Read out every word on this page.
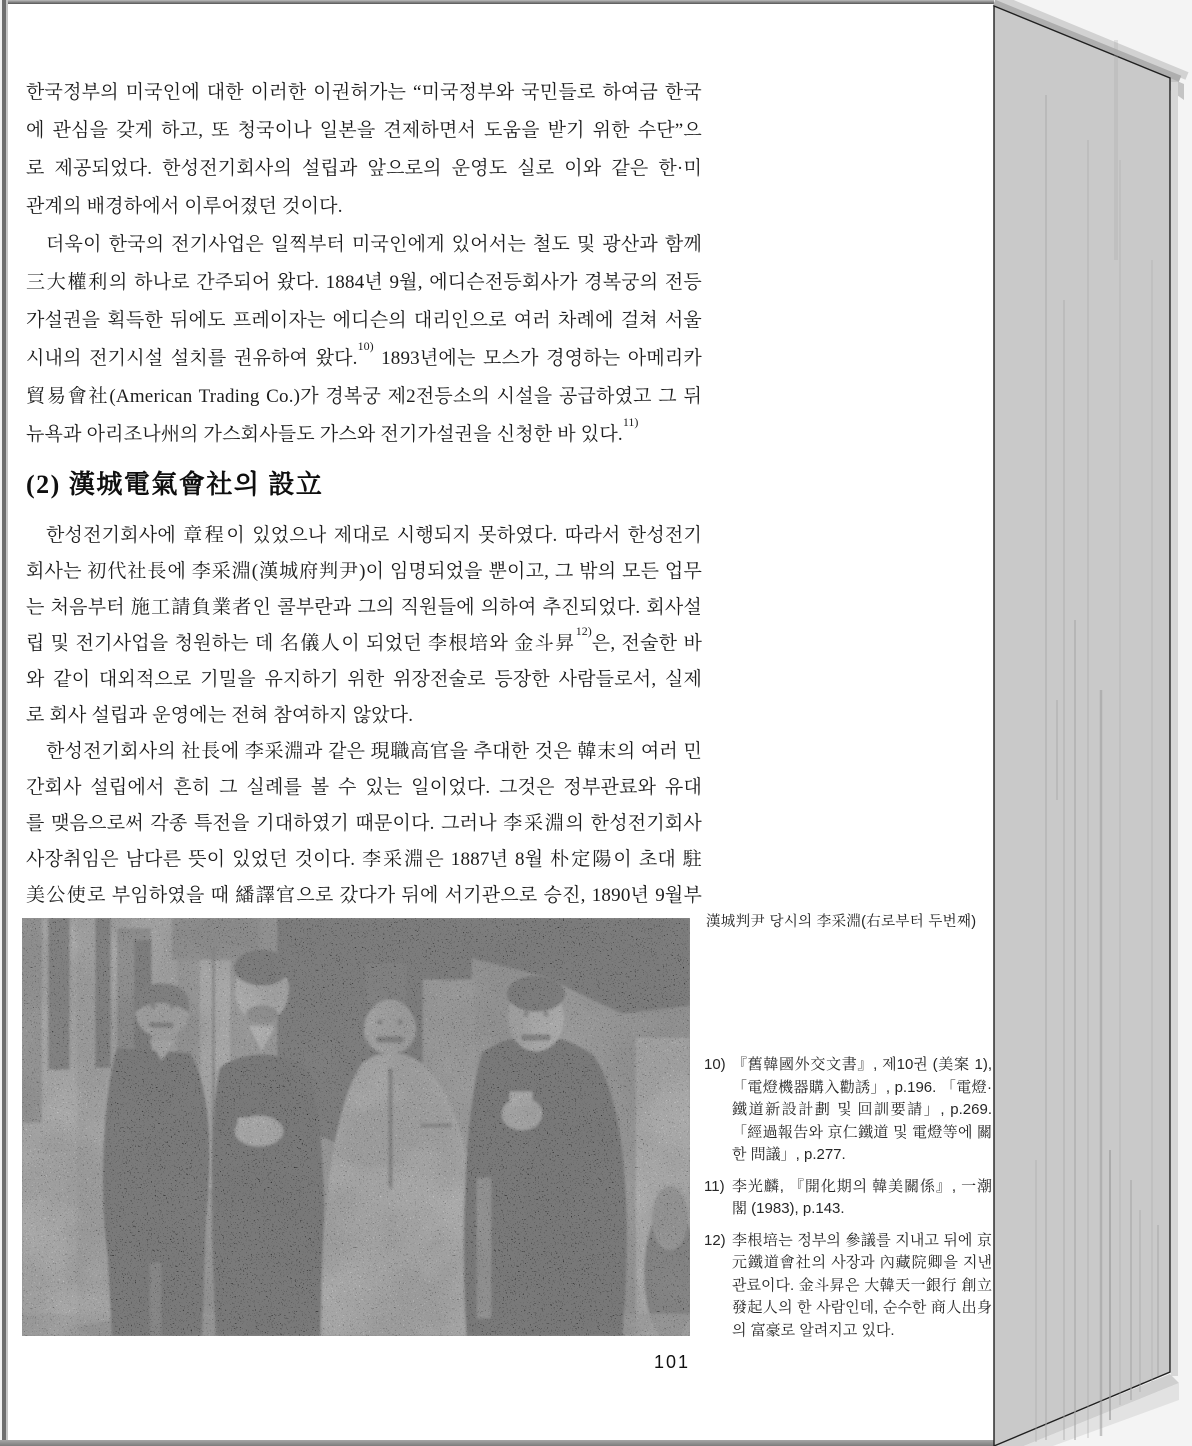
한국정부의 미국인에 대한 이러한 이권허가는 “미국정부와 국민들로 하여금 한국
에 관심을 갖게 하고, 또 청국이나 일본을 견제하면서 도움을 받기 위한 수단”으
로 제공되었다. 한성전기회사의 설립과 앞으로의 운영도 실로 이와 같은 한·미
관계의 배경하에서 이루어졌던 것이다.
더욱이 한국의 전기사업은 일찍부터 미국인에게 있어서는 철도 및 광산과 함께
三大權利의 하나로 간주되어 왔다. 1884년 9월, 에디슨전등회사가 경복궁의 전등
가설권을 획득한 뒤에도 프레이자는 에디슨의 대리인으로 여러 차례에 걸쳐 서울
시내의 전기시설 설치를 권유하여 왔다.$^{10)}$ 1893년에는 모스가 경영하는 아메리카
貿易會社(American Trading Co.)가 경복궁 제2전등소의 시설을 공급하였고 그 뒤
뉴욕과 아리조나州의 가스회사들도 가스와 전기가설권을 신청한 바 있다.$^{11)}$
(2) 漢城電氣會社의 設立
한성전기회사에 章程이 있었으나 제대로 시행되지 못하였다. 따라서 한성전기
회사는 初代社長에 李采淵(漢城府判尹)이 임명되었을 뿐이고, 그 밖의 모든 업무
는 처음부터 施工請負業者인 콜부란과 그의 직원들에 의하여 추진되었다. 회사설
립 및 전기사업을 청원하는 데 名儀人이 되었던 李根培와 金斗昇$^{12)}$은, 전술한 바
와 같이 대외적으로 기밀을 유지하기 위한 위장전술로 등장한 사람들로서, 실제
로 회사 설립과 운영에는 전혀 참여하지 않았다.
한성전기회사의 社長에 李采淵과 같은 現職高官을 추대한 것은 韓末의 여러 민
간회사 설립에서 흔히 그 실례를 볼 수 있는 일이었다. 그것은 정부관료와 유대
를 맺음으로써 각종 특전을 기대하였기 때문이다. 그러나 李采淵의 한성전기회사
사장취임은 남다른 뜻이 있었던 것이다. 李采淵은 1887년 8월 朴定陽이 초대 駐
美公使로 부임하였을 때 繙譯官으로 갔다가 뒤에 서기관으로 승진, 1890년 9월부
漢城判尹 당시의 李采淵(右로부터 두번째)
10) 『舊韓國外交文書』, 제10권 (美案 1), 「電燈機器購入勸誘」, p.196. 「電燈· 鐵道新設計劃 및 回訓要請」, p.269. 「經過報告와 京仁鐵道 및 電燈等에 關한 問議」, p.277.
11) 李光麟, 『開化期의 韓美關係』, 一潮閣 (1983), p.143.
12) 李根培는 정부의 參議를 지내고 뒤에 京元鐵道會社의 사장과 內藏院卿을 지낸 관료이다. 金斗昇은 大韓天一銀行 創立發起人의 한 사람인데, 순수한 商人出身의 富豪로 알려지고 있다.
101
